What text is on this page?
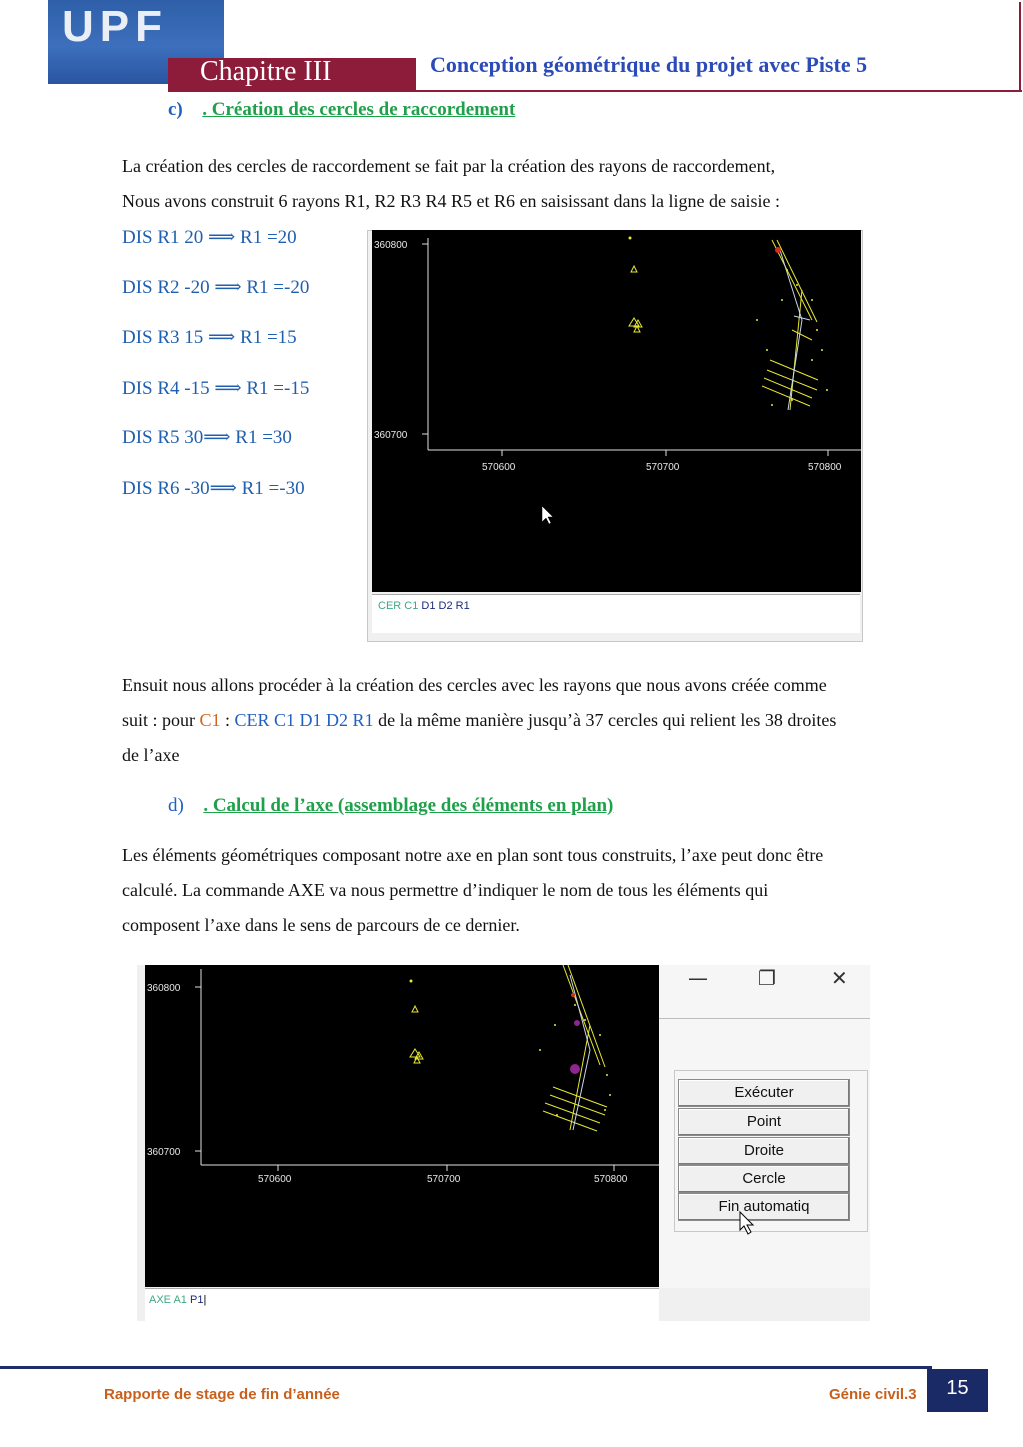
UPF
Chapitre III	Conception géométrique du projet avec Piste 5
c) . Création des cercles de raccordement
La création des cercles de raccordement se fait par la création des rayons de raccordement,
Nous avons construit 6 rayons R1, R2 R3 R4 R5 et R6 en saisissant dans la ligne de saisie :
DIS R1 20 ⟹ R1 =20
DIS R2 -20 ⟹ R1 =-20
DIS R3 15 ⟹ R1 =15
DIS R4 -15 ⟹ R1 =-15
DIS R5 30⟹ R1 =30
DIS R6 -30⟹ R1 =-30
360800
360700
570600	570700	570800
CER C1 D1 D2 R1
Ensuit nous allons procéder à la création des cercles avec les rayons que nous avons créée comme
suit : pour C1 : CER C1 D1 D2 R1 de la même manière jusqu’à 37 cercles qui relient les 38 droites
de l’axe
d) . Calcul de l’axe (assemblage des éléments en plan)
Les éléments géométriques composant notre axe en plan sont tous construits, l’axe peut donc être
calculé. La commande AXE va nous permettre d’indiquer le nom de tous les éléments qui
composent l’axe dans le sens de parcours de ce dernier.
360800
360700
570600	570700	570800
AXE A1 P1|
—	❐	✕
Exécuter
Point
Droite
Cercle
Fin automatiq
Rapporte de stage de fin d’année	Génie civil.3	15
